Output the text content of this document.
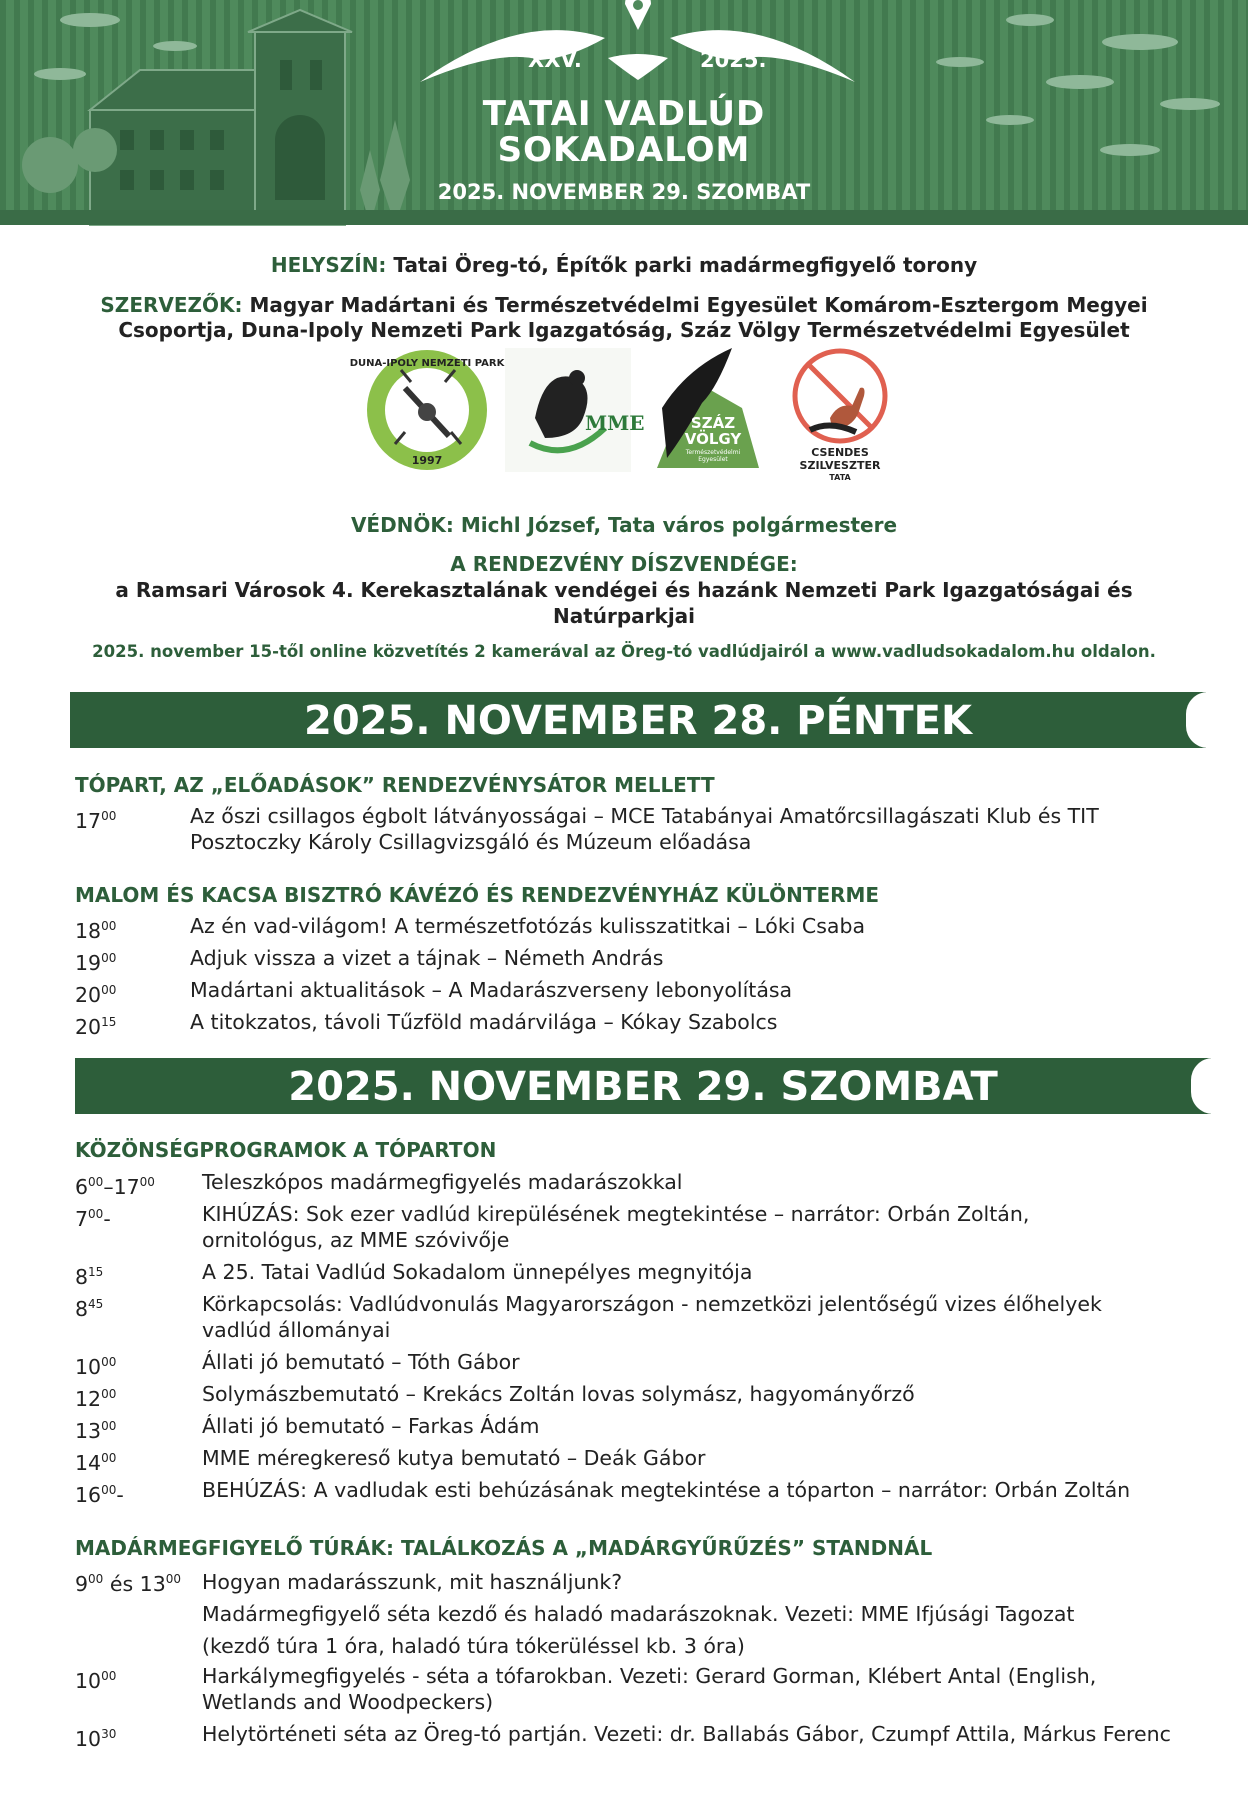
XXV.	2025.
TATAI VADLÚD
SOKADALOM
2025. NOVEMBER 29. SZOMBAT
HELYSZÍN: Tatai Öreg-tó, Építők parki madármegfigyelő torony
SZERVEZŐK: Magyar Madártani és Természetvédelmi Egyesület Komárom-Esztergom Megyei
Csoportja, Duna-Ipoly Nemzeti Park Igazgatóság, Száz Völgy Természetvédelmi Egyesület
DUNA-IPOLY NEMZETI PARK
1997
MME	SZÁZ
VÖLGY
Természetvédelmi
Egyesület
CSENDES
SZILVESZTER
TATA
VÉDNÖK: Michl József, Tata város polgármestere
A RENDEZVÉNY DÍSZVENDÉGE:
a Ramsari Városok 4. Kerekasztalának vendégei és hazánk Nemzeti Park Igazgatóságai és
Natúrparkjai
2025. november 15-től online közvetítés 2 kamerával az Öreg-tó vadlúdjairól a www.vadludsokadalom.hu oldalon.
2025. NOVEMBER 28. PÉNTEK
TÓPART, AZ „ELŐADÁSOK” RENDEZVÉNYSÁTOR MELLETT
$17^{00}$	Az őszi csillagos égbolt látványosságai – MCE Tatabányai Amatőrcsillagászati Klub és TIT
Posztoczky Károly Csillagvizsgáló és Múzeum előadása
MALOM ÉS KACSA BISZTRÓ KÁVÉZÓ ÉS RENDEZVÉNYHÁZ KÜLÖNTERME
$18^{00}$	Az én vad-világom! A természetfotózás kulisszatitkai – Lóki Csaba
$19^{00}$	Adjuk vissza a vizet a tájnak – Németh András
$20^{00}$	Madártani aktualitások – A Madarászverseny lebonyolítása
$20^{15}$	A titokzatos, távoli Tűzföld madárvilága – Kókay Szabolcs
2025. NOVEMBER 29. SZOMBAT
KÖZÖNSÉGPROGRAMOK A TÓPARTON
$6^{00}-17^{00}$ Teleszkópos madármegfigyelés madarászokkal
$7^{00}-$	KIHÚZÁS: Sok ezer vadlúd kirepülésének megtekintése – narrátor: Orbán Zoltán,
ornitológus, az MME szóvivője
$8^{15}$	A 25. Tatai Vadlúd Sokadalom ünnepélyes megnyitója
$8^{45}$	Körkapcsolás: Vadlúdvonulás Magyarországon - nemzetközi jelentőségű vizes élőhelyek
vadlúd állományai
$10^{00}$	Állati jó bemutató – Tóth Gábor
$12^{00}$	Solymászbemutató – Krekács Zoltán lovas solymász, hagyományőrző
$13^{00}$	Állati jó bemutató – Farkas Ádám
$14^{00}$	MME méregkereső kutya bemutató – Deák Gábor
$16^{00}-$	BEHÚZÁS: A vadludak esti behúzásának megtekintése a tóparton – narrátor: Orbán Zoltán
MADÁRMEGFIGYELŐ TÚRÁK: TALÁLKOZÁS A „MADÁRGYŰRŰZÉS” STANDNÁL
$9^{00}$ és $13^{00}$ Hogyan madarásszunk, mit használjunk?
Madármegfigyelő séta kezdő és haladó madarászoknak. Vezeti: MME Ifjúsági Tagozat
(kezdő túra 1 óra, haladó túra tókerüléssel kb. 3 óra)
$10^{00}$	Harkálymegfigyelés - séta a tófarokban. Vezeti: Gerard Gorman, Klébert Antal (English,
Wetlands and Woodpeckers)
$10^{30}$	Helytörténeti séta az Öreg-tó partján. Vezeti: dr. Ballabás Gábor, Czumpf Attila, Márkus Ferenc
